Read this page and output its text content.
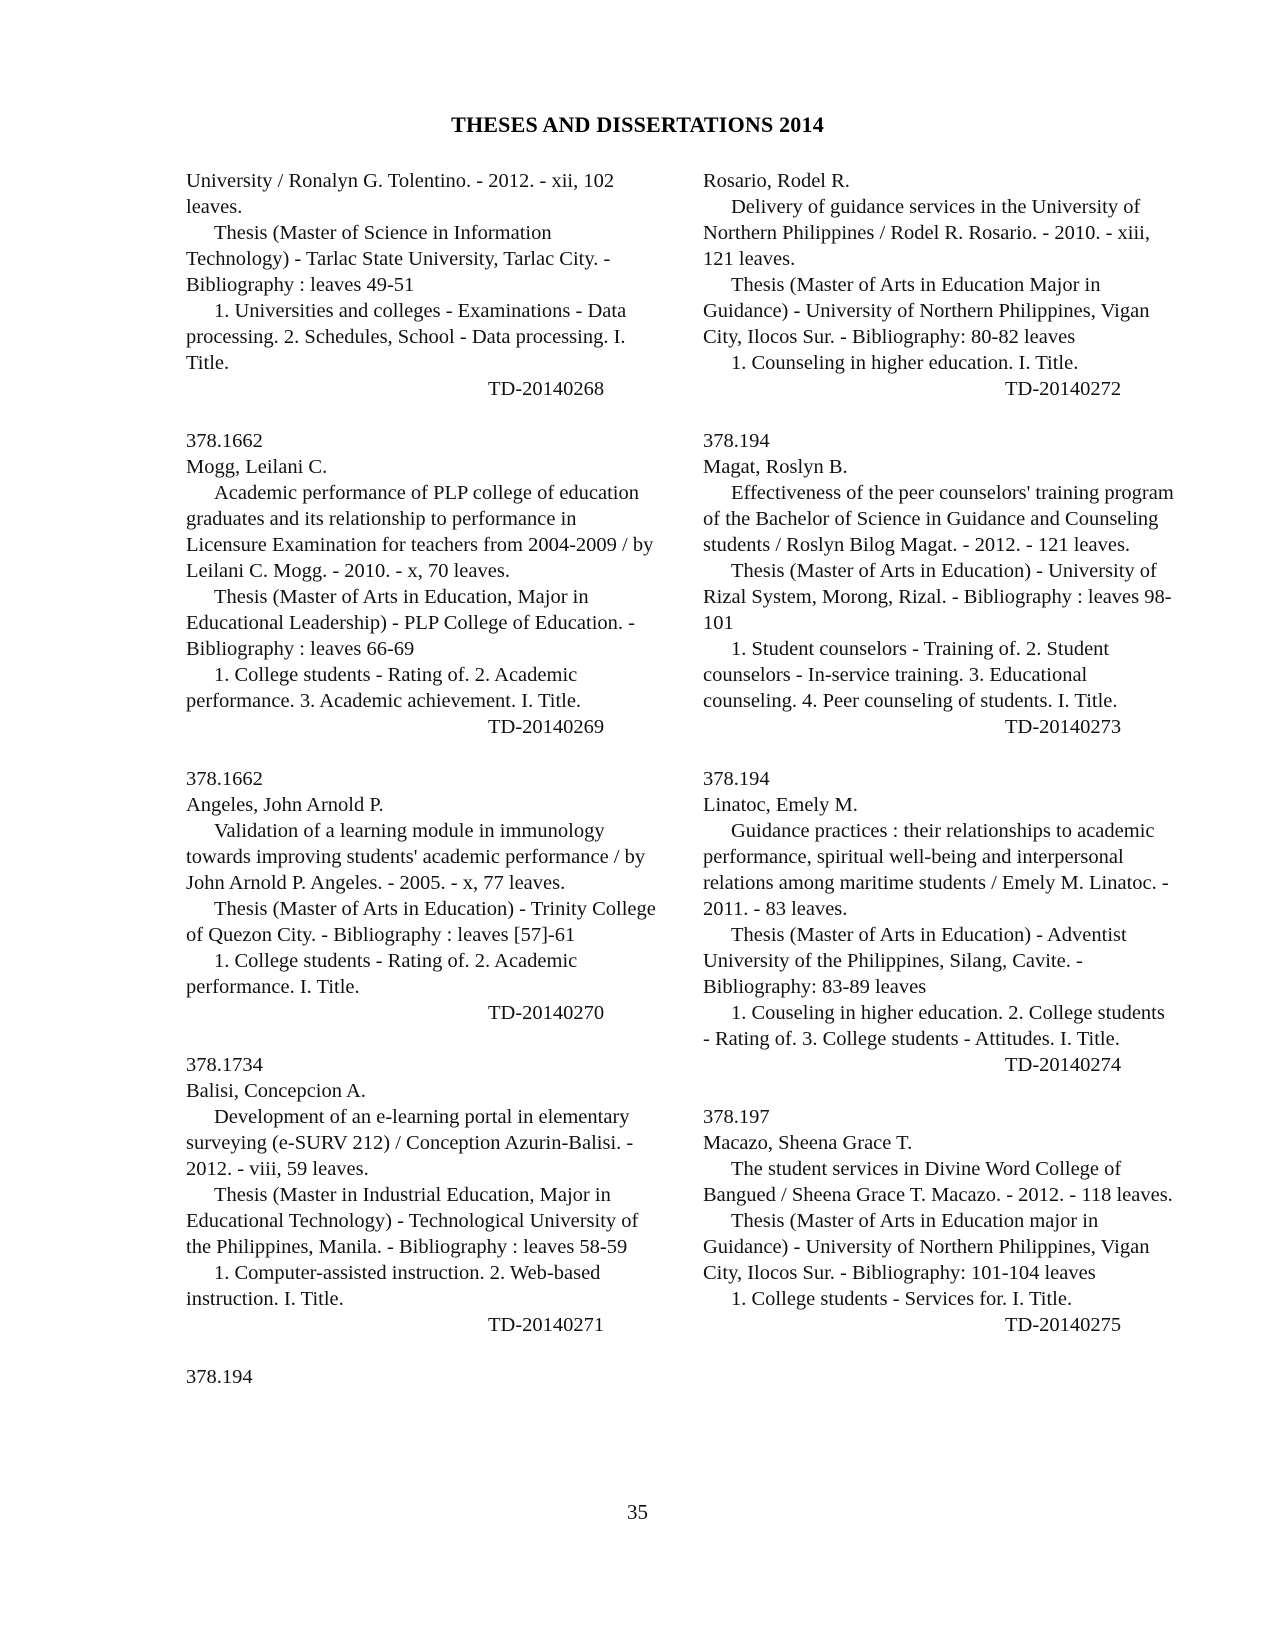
THESES AND DISSERTATIONS 2014

University / Ronalyn G. Tolentino. - 2012. - xii, 102 leaves.

Thesis (Master of Science in Information Technology) - Tarlac State University, Tarlac City. - Bibliography : leaves 49-51

1. Universities and colleges - Examinations - Data processing. 2. Schedules, School - Data processing. I. Title.

TD-20140268

378.1662

Mogg, Leilani C.

Academic performance of PLP college of education graduates and its relationship to performance in Licensure Examination for teachers from 2004-2009 / by Leilani C. Mogg. - 2010. - x, 70 leaves.

Thesis (Master of Arts in Education, Major in Educational Leadership) - PLP College of Education. - Bibliography : leaves 66-69

1. College students - Rating of. 2. Academic performance. 3. Academic achievement. I. Title.

TD-20140269

378.1662

Angeles, John Arnold P.

Validation of a learning module in immunology towards improving students' academic performance / by John Arnold P. Angeles. - 2005. - x, 77 leaves.

Thesis (Master of Arts in Education) - Trinity College of Quezon City. - Bibliography : leaves [57]-61

1. College students - Rating of. 2. Academic performance. I. Title.

TD-20140270

378.1734

Balisi, Concepcion A.

Development of an e-learning portal in elementary surveying (e-SURV 212) / Conception Azurin-Balisi. - 2012. - viii, 59 leaves.

Thesis (Master in Industrial Education, Major in Educational Technology) - Technological University of the Philippines, Manila. - Bibliography : leaves 58-59

1. Computer-assisted instruction. 2. Web-based instruction. I. Title.

TD-20140271

378.194

Rosario, Rodel R.

Delivery of guidance services in the University of Northern Philippines / Rodel R. Rosario. - 2010. - xiii, 121 leaves.

Thesis (Master of Arts in Education Major in Guidance) - University of Northern Philippines, Vigan City, Ilocos Sur. - Bibliography: 80-82 leaves

1. Counseling in higher education. I. Title.

TD-20140272

378.194

Magat, Roslyn B.

Effectiveness of the peer counselors' training program of the Bachelor of Science in Guidance and Counseling students / Roslyn Bilog Magat. - 2012. - 121 leaves.

Thesis (Master of Arts in Education) - University of Rizal System, Morong, Rizal. - Bibliography : leaves 98-101

1. Student counselors - Training of. 2. Student counselors - In-service training. 3. Educational counseling. 4. Peer counseling of students. I. Title.

TD-20140273

378.194

Linatoc, Emely M.

Guidance practices : their relationships to academic performance, spiritual well-being and interpersonal relations among maritime students / Emely M. Linatoc. - 2011. - 83 leaves.

Thesis (Master of Arts in Education) - Adventist University of the Philippines, Silang, Cavite. - Bibliography: 83-89 leaves

1. Couseling in higher education. 2. College students - Rating of. 3. College students - Attitudes. I. Title.

TD-20140274

378.197

Macazo, Sheena Grace T.

The student services in Divine Word College of Bangued / Sheena Grace T. Macazo. - 2012. - 118 leaves.

Thesis (Master of Arts in Education major in Guidance) - University of Northern Philippines, Vigan City, Ilocos Sur. - Bibliography: 101-104 leaves

1. College students - Services for. I. Title.

TD-20140275

35
